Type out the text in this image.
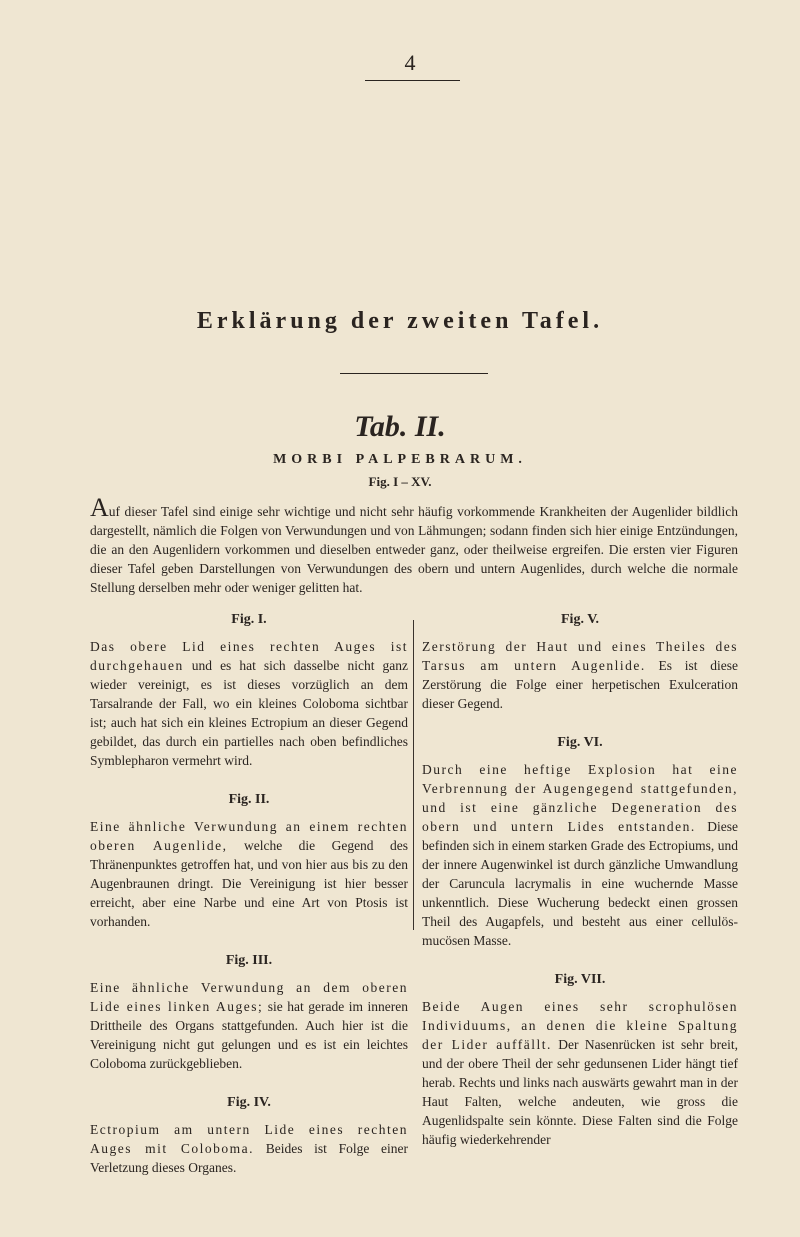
4
Erklärung der zweiten Tafel.
Tab. II.
MORBI PALPEBRARUM.
Fig. I – XV.
Auf dieser Tafel sind einige sehr wichtige und nicht sehr häufig vorkommende Krankheiten der Augenlider bildlich dargestellt, nämlich die Folgen von Verwundungen und von Lähmungen; sodann finden sich hier einige Entzündungen, die an den Augenlidern vorkommen und dieselben entweder ganz, oder theilweise ergreifen. Die ersten vier Figuren dieser Tafel geben Darstellungen von Verwundungen des obern und untern Augenlides, durch welche die normale Stellung derselben mehr oder weniger gelitten hat.
Fig. I.

Das obere Lid eines rechten Auges ist durchgehauen und es hat sich dasselbe nicht ganz wieder vereinigt, es ist dieses vorzüglich an dem Tarsalrande der Fall, wo ein kleines Coloboma sichtbar ist; auch hat sich ein kleines Ectropium an dieser Gegend gebildet, das durch ein partielles nach oben befindliches Symblepharon vermehrt wird.

Fig. II.

Eine ähnliche Verwundung an einem rechten oberen Augenlide, welche die Gegend des Thränenpunktes getroffen hat, und von hier aus bis zu den Augenbraunen dringt. Die Vereinigung ist hier besser erreicht, aber eine Narbe und eine Art von Ptosis ist vorhanden.

Fig. III.

Eine ähnliche Verwundung an dem oberen Lide eines linken Auges; sie hat gerade im inneren Drittheile des Organs stattgefunden. Auch hier ist die Vereinigung nicht gut gelungen und es ist ein leichtes Coloboma zurückgeblieben.

Fig. IV.

Ectropium am untern Lide eines rechten Auges mit Coloboma. Beides ist Folge einer Verletzung dieses Organes.

Fig. V.

Zerstörung der Haut und eines Theiles des Tarsus am untern Augenlide. Es ist diese Zerstörung die Folge einer herpetischen Exulceration dieser Gegend.

Fig. VI.

Durch eine heftige Explosion hat eine Verbrennung der Augengegend stattgefunden, und ist eine gänzliche Degeneration des obern und untern Lides entstanden. Diese befinden sich in einem starken Grade des Ectropiums, und der innere Augenwinkel ist durch gänzliche Umwandlung der Caruncula lacrymalis in eine wuchernde Masse unkenntlich. Diese Wucherung bedeckt einen grossen Theil des Augapfels, und besteht aus einer cellulös-mucösen Masse.

Fig. VII.

Beide Augen eines sehr scrophulösen Individuums, an denen die kleine Spaltung der Lider auffällt. Der Nasenrücken ist sehr breit, und der obere Theil der sehr gedunsenen Lider hängt tief herab. Rechts und links nach auswärts gewahrt man in der Haut Falten, welche andeuten, wie gross die Augenlidspalte sein könnte. Diese Falten sind die Folge häufig wiederkehrender
